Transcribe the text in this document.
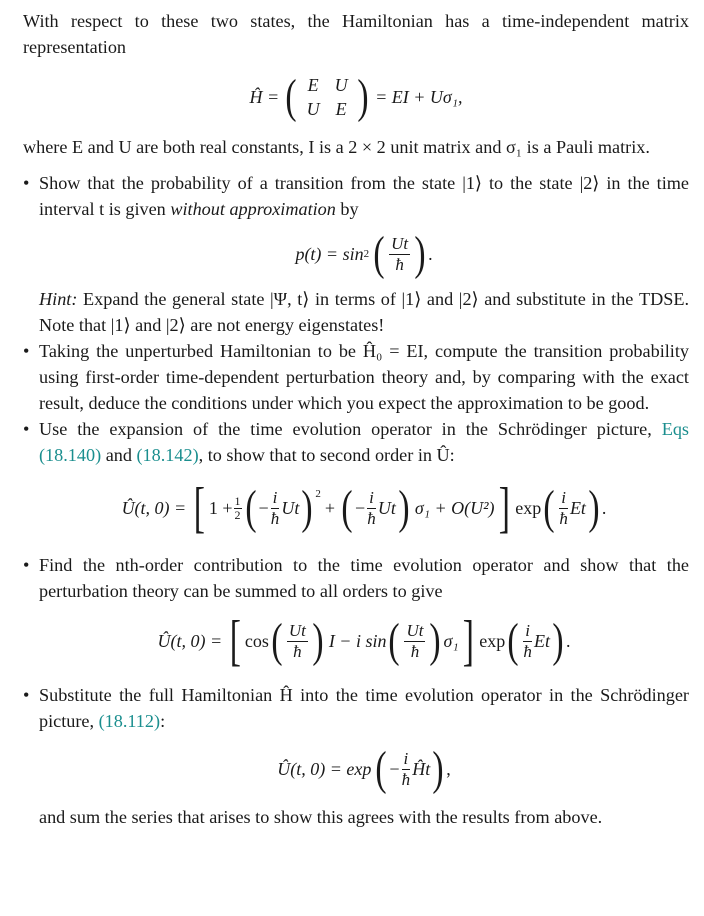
With respect to these two states, the Hamiltonian has a time-independent matrix representation

Ĥ = ( E U
U E ) = EI + Uσ₁,

where E and U are both real constants, I is a 2 × 2 unit matrix and σ₁ is a Pauli matrix.

• Show that the probability of a transition from the state |1⟩ to the state |2⟩ in the time interval t is given without approximation by
p(t) = sin 2 ( $\frac{Ut}{ħ}$ ) .

Hint: Expand the general state |Ψ, t⟩ in terms of |1⟩ and |2⟩ and substitute in the TDSE. Note that |1⟩ and |2⟩ are not energy eigenstates!

• Taking the unperturbed Hamiltonian to be Ĥ₀ = EI, compute the transition probability using first-order time-dependent perturbation theory and, by comparing with the exact result, deduce the conditions under which you expect the approximation to be good.
• Use the expansion of the time evolution operator in the Schrödinger picture, Eqs (18.140) and (18.142), to show that to second order in Û:
Û(t, 0) = [ $1 + \frac{1}{2}$ ( − $\frac{i}{ħ}$ Ut )$^2$
+ ( − $\frac{i}{ħ}$ Ut ) σ₁ + O(U²) ] exp ( $\frac{i}{ħ}$ Et ) .
• Find the nth-order contribution to the time evolution operator and show that the perturbation theory can be summed to all orders to give
Û(t, 0) = [ cos ( $\frac{Ut}{ħ}$ ) I − i sin ( $\frac{Ut}{ħ}$ ) σ₁ ] exp ( $\frac{i}{ħ}$ Et ) .
• Substitute the full Hamiltonian Ĥ into the time evolution operator in the Schrödinger picture, (18.112):
Û(t, 0) = exp ( − $\frac{i}{ħ}$ Ĥt ) ,

and sum the series that arises to show this agrees with the results from above.
